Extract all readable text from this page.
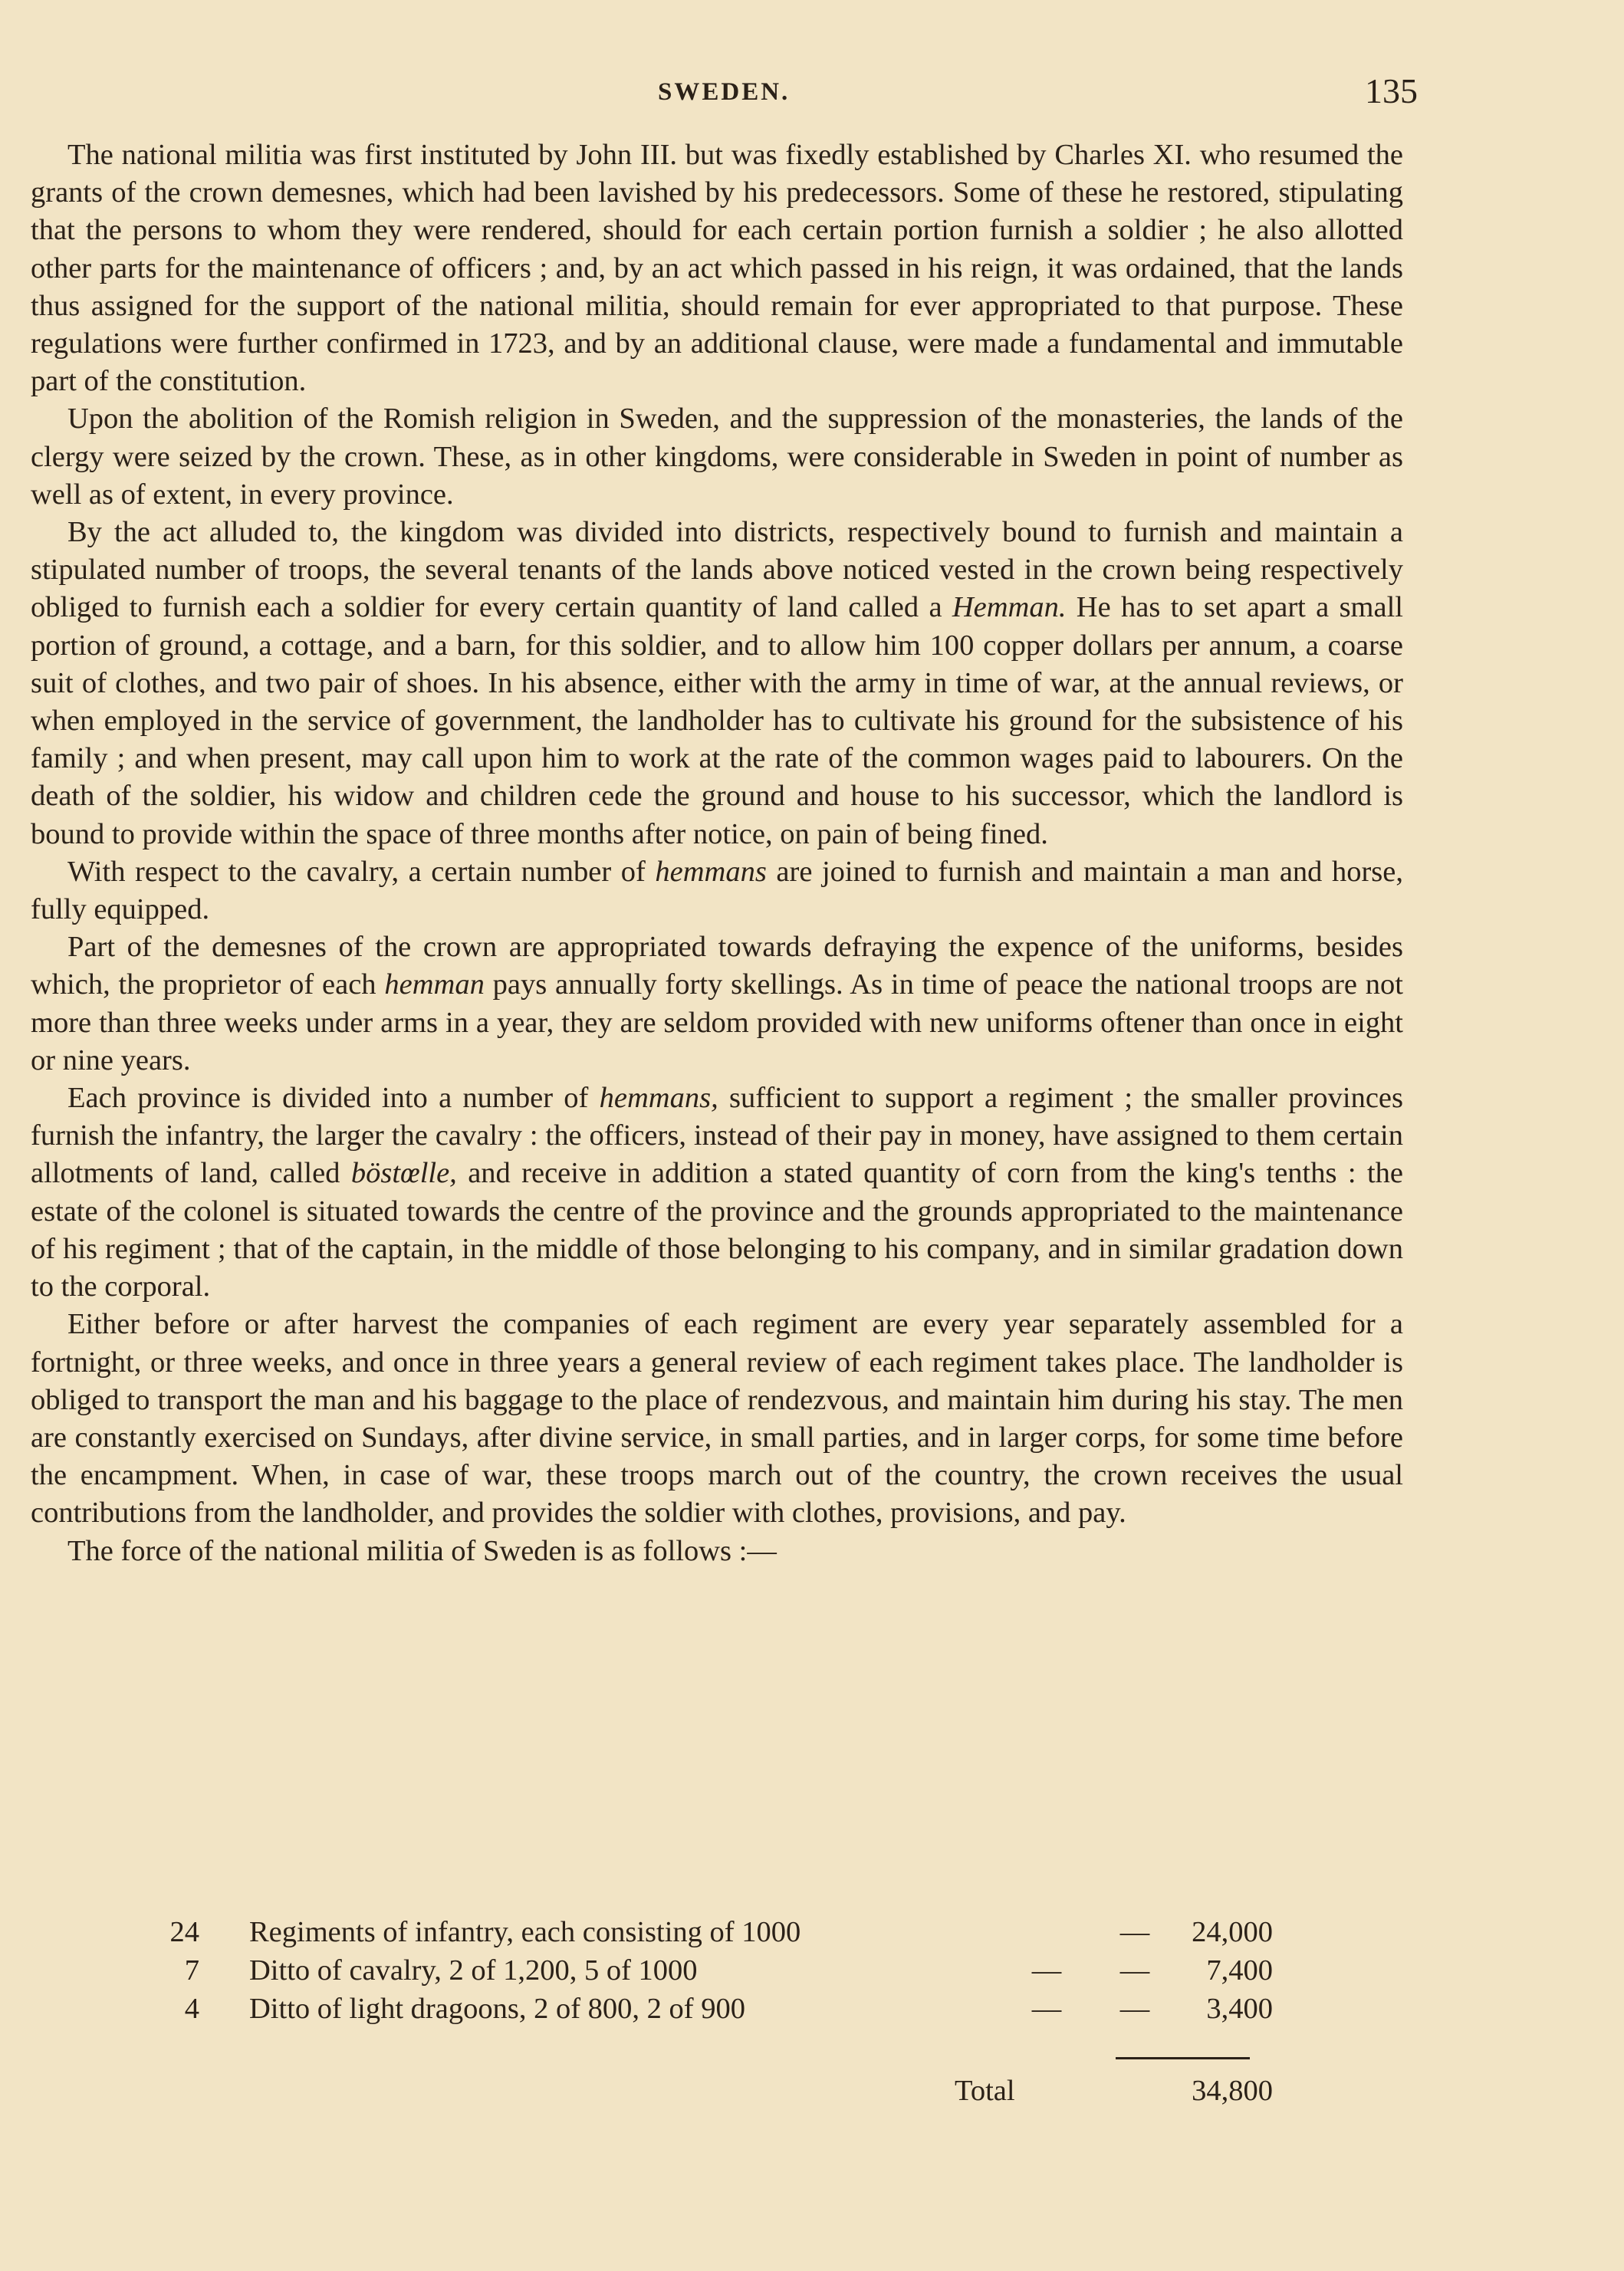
SWEDEN.	135

The national militia was first instituted by John III. but was fixedly established by Charles XI. who resumed the grants of the crown demesnes, which had been lavished by his predecessors. Some of these he restored, stipulating that the persons to whom they were rendered, should for each certain portion furnish a soldier ; he also allotted other parts for the maintenance of officers ; and, by an act which passed in his reign, it was ordained, that the lands thus assigned for the support of the national militia, should remain for ever appropriated to that purpose. These regulations were further confirmed in 1723, and by an additional clause, were made a fundamental and immutable part of the constitution.

Upon the abolition of the Romish religion in Sweden, and the suppression of the monasteries, the lands of the clergy were seized by the crown. These, as in other kingdoms, were considerable in Sweden in point of number as well as of extent, in every province.

By the act alluded to, the kingdom was divided into districts, respectively bound to furnish and maintain a stipulated number of troops, the several tenants of the lands above noticed vested in the crown being respectively obliged to furnish each a soldier for every certain quantity of land called a Hemman. He has to set apart a small portion of ground, a cottage, and a barn, for this soldier, and to allow him 100 copper dollars per annum, a coarse suit of clothes, and two pair of shoes. In his absence, either with the army in time of war, at the annual reviews, or when employed in the service of government, the landholder has to cultivate his ground for the subsistence of his family ; and when present, may call upon him to work at the rate of the common wages paid to labourers. On the death of the soldier, his widow and children cede the ground and house to his successor, which the landlord is bound to provide within the space of three months after notice, on pain of being fined.

With respect to the cavalry, a certain number of hemmans are joined to furnish and maintain a man and horse, fully equipped.

Part of the demesnes of the crown are appropriated towards defraying the expence of the uniforms, besides which, the proprietor of each hemman pays annually forty skellings. As in time of peace the national troops are not more than three weeks under arms in a year, they are seldom provided with new uniforms oftener than once in eight or nine years.

Each province is divided into a number of hemmans, sufficient to support a regiment ; the smaller provinces furnish the infantry, the larger the cavalry : the officers, instead of their pay in money, have assigned to them certain allotments of land, called böstœlle, and receive in addition a stated quantity of corn from the king's tenths : the estate of the colonel is situated towards the centre of the province and the grounds appropriated to the maintenance of his regiment ; that of the captain, in the middle of those belonging to his company, and in similar gradation down to the corporal.

Either before or after harvest the companies of each regiment are every year separately assembled for a fortnight, or three weeks, and once in three years a general review of each regiment takes place. The landholder is obliged to transport the man and his baggage to the place of rendezvous, and maintain him during his stay. The men are constantly exercised on Sundays, after divine service, in small parties, and in larger corps, for some time before the encampment. When, in case of war, these troops march out of the country, the crown receives the usual contributions from the landholder, and provides the soldier with clothes, provisions, and pay.

The force of the national militia of Sweden is as follows :—

24 Regiments of infantry, each consisting of 1000	—	24,000
7 Ditto of cavalry, 2 of 1,200, 5 of 1000	— —	7,400
4 Ditto of light dragoons, 2 of 800, 2 of 900	— —	3,400
Total	34,800
